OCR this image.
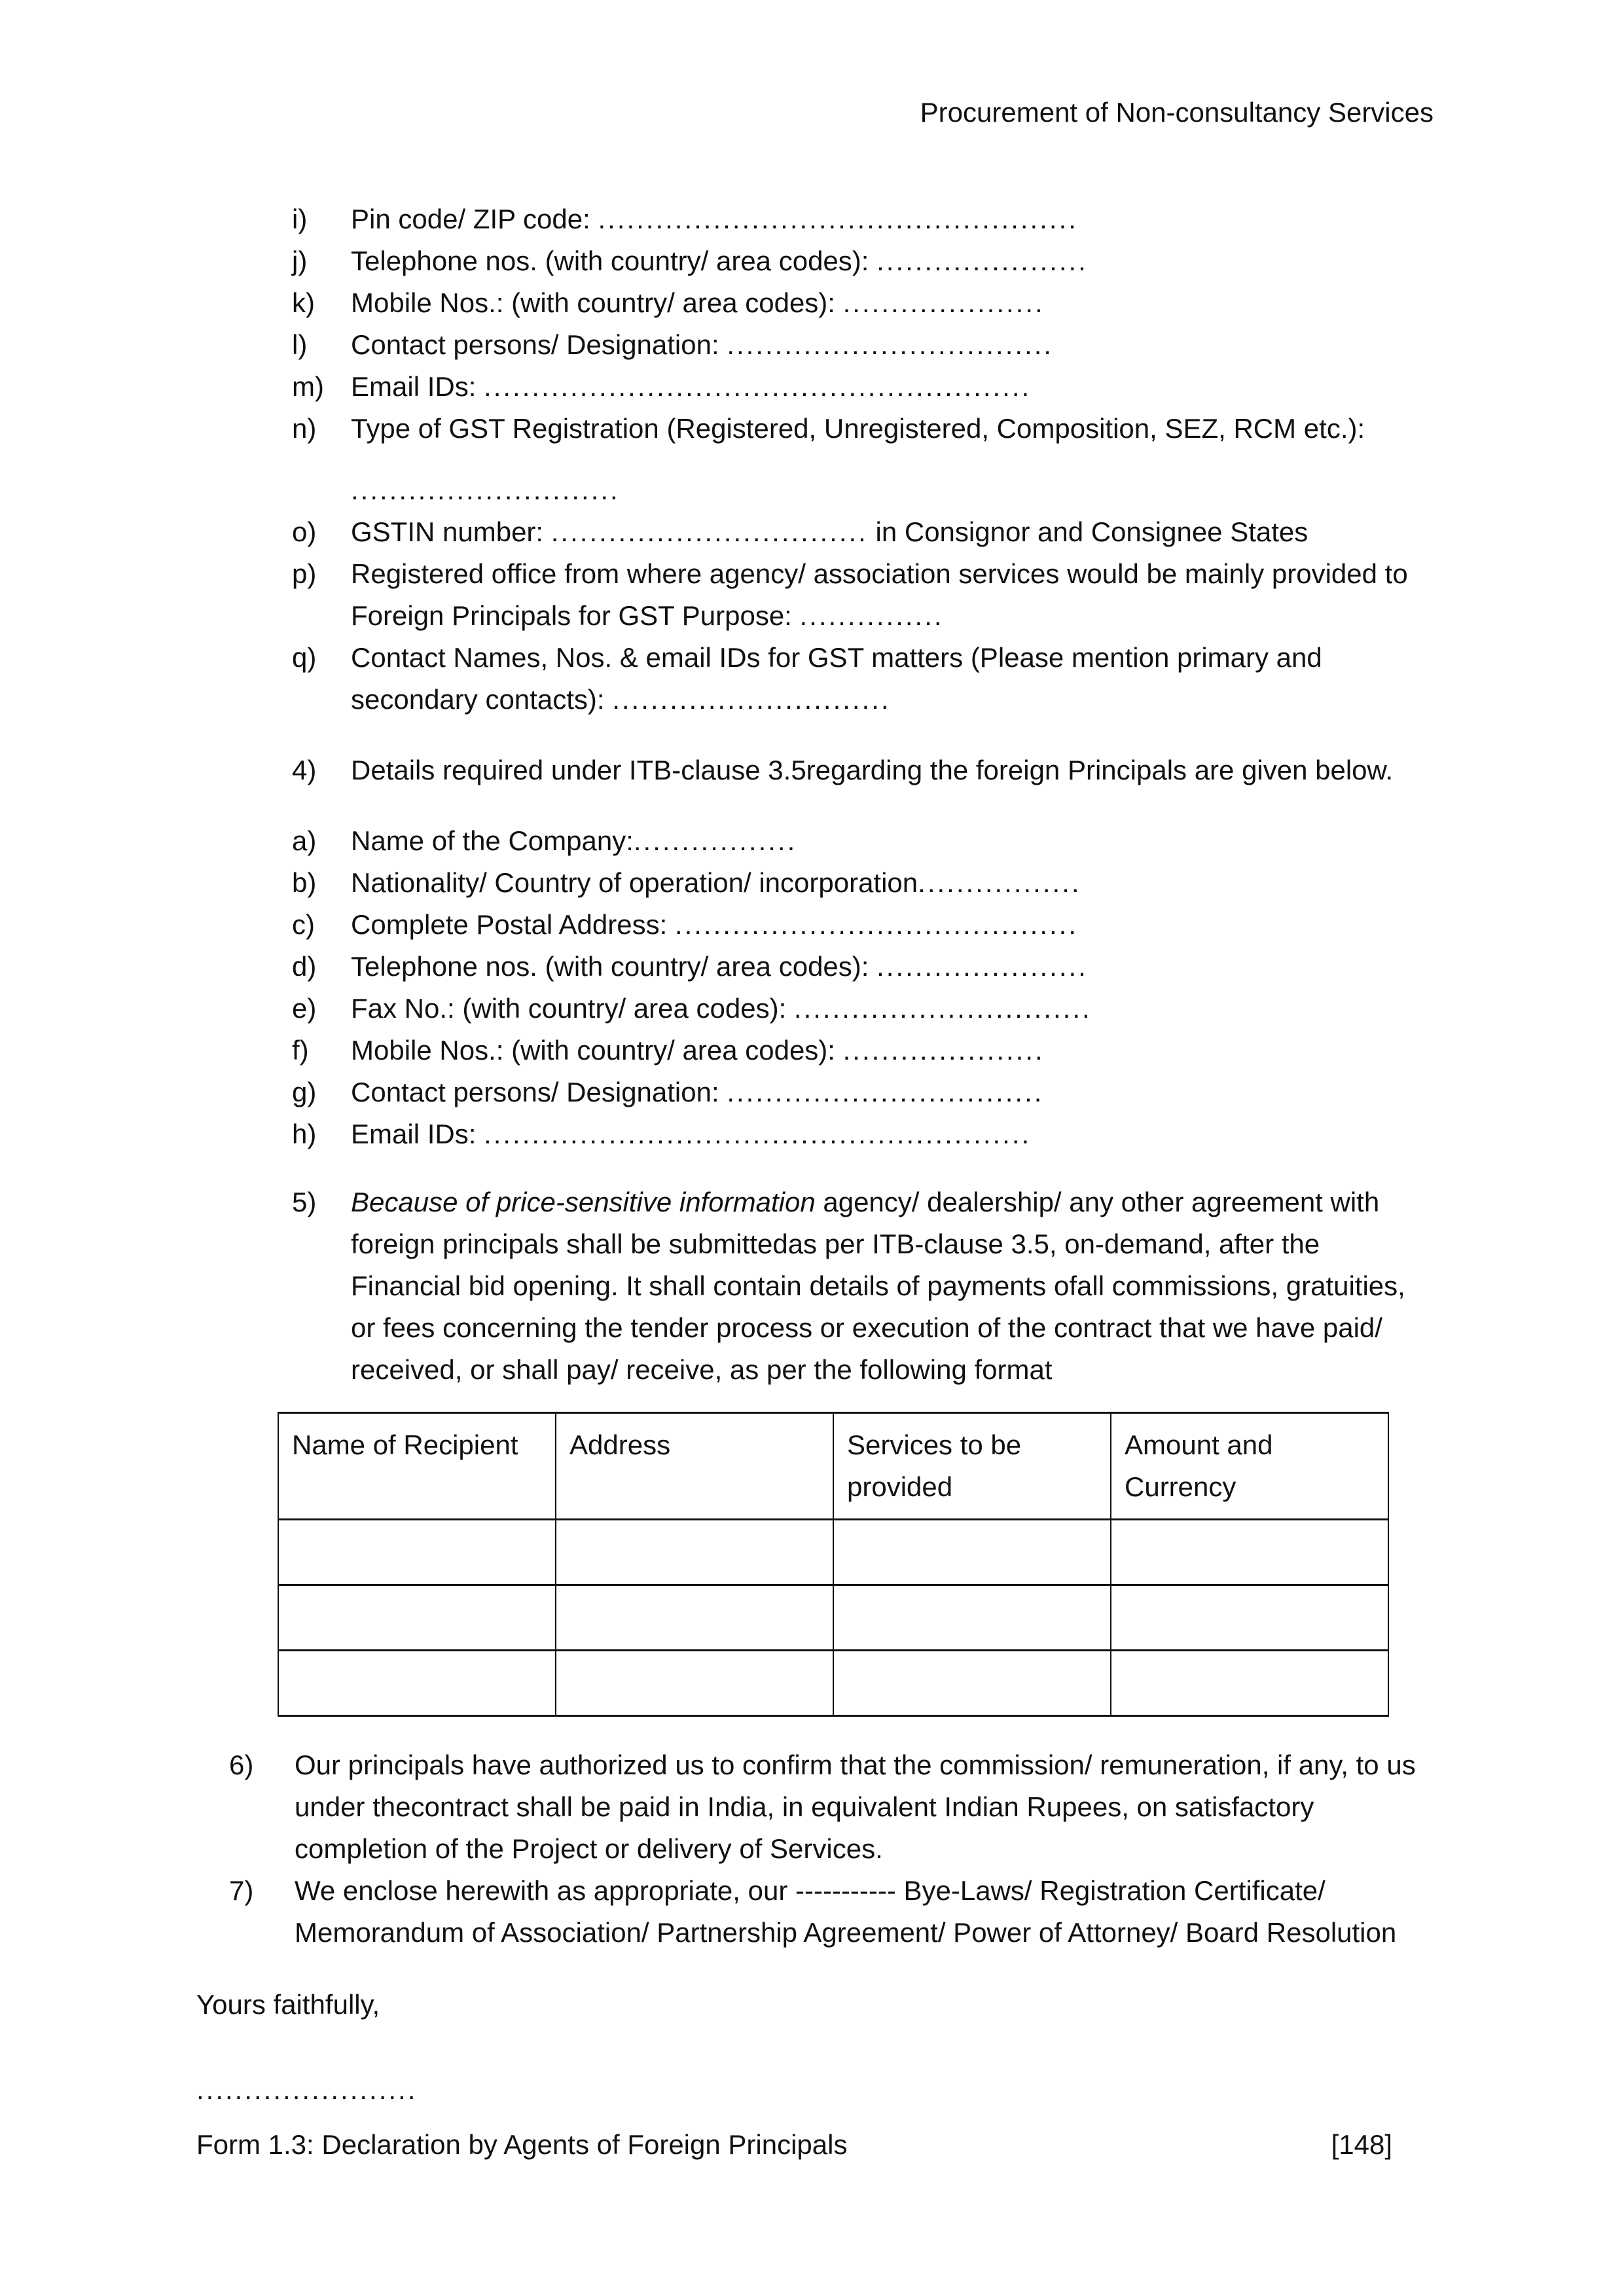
Procurement of Non-consultancy Services
i)	Pin code/ ZIP code: ..................................................
j)	Telephone nos. (with country/ area codes): ......................
k)	Mobile Nos.: (with country/ area codes): .....................
l)	Contact persons/ Designation: ..................................
m) Email IDs: .........................................................
n)	Type of GST Registration (Registered, Unregistered, Composition, SEZ, RCM etc.):
............................
o)	GSTIN number: ................................. in Consignor and Consignee States
p)	Registered office from where agency/ association services would be mainly provided to Foreign Principals for GST Purpose: ...............
q)	Contact Names, Nos. & email IDs for GST matters (Please mention primary and secondary contacts): .............................
4)	Details required under ITB-clause 3.5regarding the foreign Principals are given below.
a)	Name of the Company:.................
b)	Nationality/ Country of operation/ incorporation.................
c)	Complete Postal Address: ..........................................
d)	Telephone nos. (with country/ area codes): ......................
e)	Fax No.: (with country/ area codes): ...............................
f)	Mobile Nos.: (with country/ area codes): .....................
g)	Contact persons/ Designation: .................................
h)	Email IDs: .........................................................
5)	Because of price-sensitive information agency/ dealership/ any other agreement with foreign principals shall be submittedas per ITB-clause 3.5, on-demand, after the Financial bid opening. It shall contain details of payments ofall commissions, gratuities, or fees concerning the tender process or execution of the contract that we have paid/ received, or shall pay/ receive, as per the following format
Name of Recipient	Address	Services to be provided	Amount and Currency

6)	Our principals have authorized us to confirm that the commission/ remuneration, if any, to us under thecontract shall be paid in India, in equivalent Indian Rupees, on satisfactory completion of the Project or delivery of Services.
7)	We enclose herewith as appropriate, our ----------- Bye-Laws/ Registration Certificate/ Memorandum of Association/ Partnership Agreement/ Power of Attorney/ Board Resolution
Yours faithfully,
.......................
Form 1.3: Declaration by Agents of Foreign Principals	[148]
